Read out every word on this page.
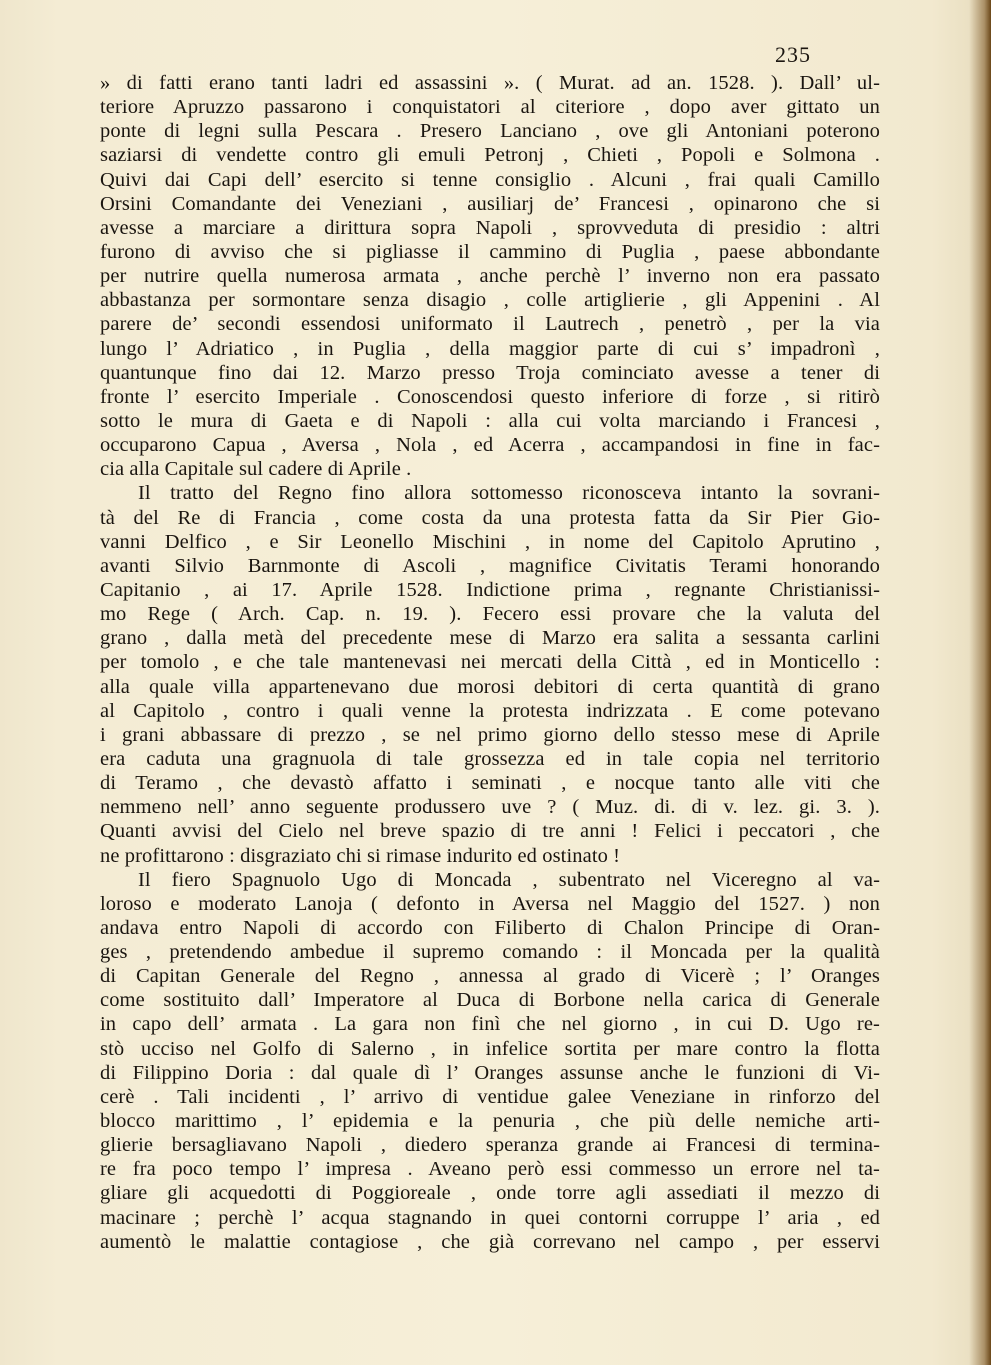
235
» di fatti erano tanti ladri ed assassini ». ( Murat. ad an. 1528. ). Dall’ ul-
teriore Apruzzo passarono i conquistatori al citeriore , dopo aver gittato un
ponte di legni sulla Pescara . Presero Lanciano , ove gli Antoniani poterono
saziarsi di vendette contro gli emuli Petronj , Chieti , Popoli e Solmona .
Quivi dai Capi dell’ esercito si tenne consiglio . Alcuni , frai quali Camillo
Orsini Comandante dei Veneziani , ausiliarj de’ Francesi , opinarono che si
avesse a marciare a dirittura sopra Napoli , sprovveduta di presidio : altri
furono di avviso che si pigliasse il cammino di Puglia , paese abbondante
per nutrire quella numerosa armata , anche perchè l’ inverno non era passato
abbastanza per sormontare senza disagio , colle artiglierie , gli Appenini . Al
parere de’ secondi essendosi uniformato il Lautrech , penetrò , per la via
lungo l’ Adriatico , in Puglia , della maggior parte di cui s’ impadronì ,
quantunque fino dai 12. Marzo presso Troja cominciato avesse a tener di
fronte l’ esercito Imperiale . Conoscendosi questo inferiore di forze , si ritirò
sotto le mura di Gaeta e di Napoli : alla cui volta marciando i Francesi ,
occuparono Capua , Aversa , Nola , ed Acerra , accampandosi in fine in fac-
cia alla Capitale sul cadere di Aprile .
Il tratto del Regno fino allora sottomesso riconosceva intanto la sovrani-
tà del Re di Francia , come costa da una protesta fatta da Sir Pier Gio-
vanni Delfico , e Sir Leonello Mischini , in nome del Capitolo Aprutino ,
avanti Silvio Barnmonte di Ascoli , magnifice Civitatis Terami honorando
Capitanio , ai 17. Aprile 1528. Indictione prima , regnante Christianissi-
mo Rege ( Arch. Cap. n. 19. ). Fecero essi provare che la valuta del
grano , dalla metà del precedente mese di Marzo era salita a sessanta carlini
per tomolo , e che tale mantenevasi nei mercati della Città , ed in Monticello :
alla quale villa appartenevano due morosi debitori di certa quantità di grano
al Capitolo , contro i quali venne la protesta indrizzata . E come potevano
i grani abbassare di prezzo , se nel primo giorno dello stesso mese di Aprile
era caduta una gragnuola di tale grossezza ed in tale copia nel territorio
di Teramo , che devastò affatto i seminati , e nocque tanto alle viti che
nemmeno nell’ anno seguente produssero uve ? ( Muz. di. di v. lez. gi. 3. ).
Quanti avvisi del Cielo nel breve spazio di tre anni ! Felici i peccatori , che
ne profittarono : disgraziato chi si rimase indurito ed ostinato !
Il fiero Spagnuolo Ugo di Moncada , subentrato nel Viceregno al va-
loroso e moderato Lanoja ( defonto in Aversa nel Maggio del 1527. ) non
andava entro Napoli di accordo con Filiberto di Chalon Principe di Oran-
ges , pretendendo ambedue il supremo comando : il Moncada per la qualità
di Capitan Generale del Regno , annessa al grado di Vicerè ; l’ Oranges
come sostituito dall’ Imperatore al Duca di Borbone nella carica di Generale
in capo dell’ armata . La gara non finì che nel giorno , in cui D. Ugo re-
stò ucciso nel Golfo di Salerno , in infelice sortita per mare contro la flotta
di Filippino Doria : dal quale dì l’ Oranges assunse anche le funzioni di Vi-
cerè . Tali incidenti , l’ arrivo di ventidue galee Veneziane in rinforzo del
blocco marittimo , l’ epidemia e la penuria , che più delle nemiche arti-
glierie bersagliavano Napoli , diedero speranza grande ai Francesi di termina-
re fra poco tempo l’ impresa . Aveano però essi commesso un errore nel ta-
gliare gli acquedotti di Poggioreale , onde torre agli assediati il mezzo di
macinare ; perchè l’ acqua stagnando in quei contorni corruppe l’ aria , ed
aumentò le malattie contagiose , che già correvano nel campo , per esservi
